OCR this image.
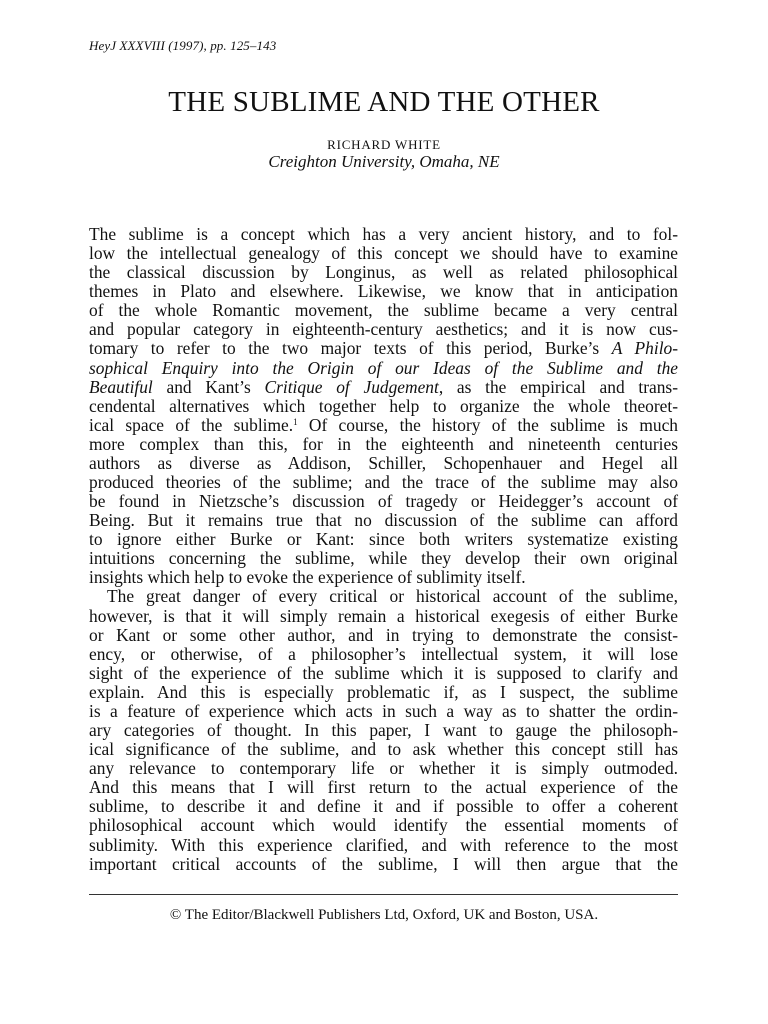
HeyJ XXXVIII (1997), pp. 125–143
THE SUBLIME AND THE OTHER
RICHARD WHITE
Creighton University, Omaha, NE
The sublime is a concept which has a very ancient history, and to fol-
low the intellectual genealogy of this concept we should have to examine
the classical discussion by Longinus, as well as related philosophical
themes in Plato and elsewhere. Likewise, we know that in anticipation
of the whole Romantic movement, the sublime became a very central
and popular category in eighteenth-century aesthetics; and it is now cus-
tomary to refer to the two major texts of this period, Burke’s A Philo-
sophical Enquiry into the Origin of our Ideas of the Sublime and the
Beautiful and Kant’s Critique of Judgement, as the empirical and trans-
cendental alternatives which together help to organize the whole theoret-
ical space of the sublime.$^1$ Of course, the history of the sublime is much
more complex than this, for in the eighteenth and nineteenth centuries
authors as diverse as Addison, Schiller, Schopenhauer and Hegel all
produced theories of the sublime; and the trace of the sublime may also
be found in Nietzsche’s discussion of tragedy or Heidegger’s account of
Being. But it remains true that no discussion of the sublime can afford
to ignore either Burke or Kant: since both writers systematize existing
intuitions concerning the sublime, while they develop their own original
insights which help to evoke the experience of sublimity itself.
The great danger of every critical or historical account of the sublime,
however, is that it will simply remain a historical exegesis of either Burke
or Kant or some other author, and in trying to demonstrate the consist-
ency, or otherwise, of a philosopher’s intellectual system, it will lose
sight of the experience of the sublime which it is supposed to clarify and
explain. And this is especially problematic if, as I suspect, the sublime
is a feature of experience which acts in such a way as to shatter the ordin-
ary categories of thought. In this paper, I want to gauge the philosoph-
ical significance of the sublime, and to ask whether this concept still has
any relevance to contemporary life or whether it is simply outmoded.
And this means that I will first return to the actual experience of the
sublime, to describe it and define it and if possible to offer a coherent
philosophical account which would identify the essential moments of
sublimity. With this experience clarified, and with reference to the most
important critical accounts of the sublime, I will then argue that the
© The Editor/Blackwell Publishers Ltd, Oxford, UK and Boston, USA.
